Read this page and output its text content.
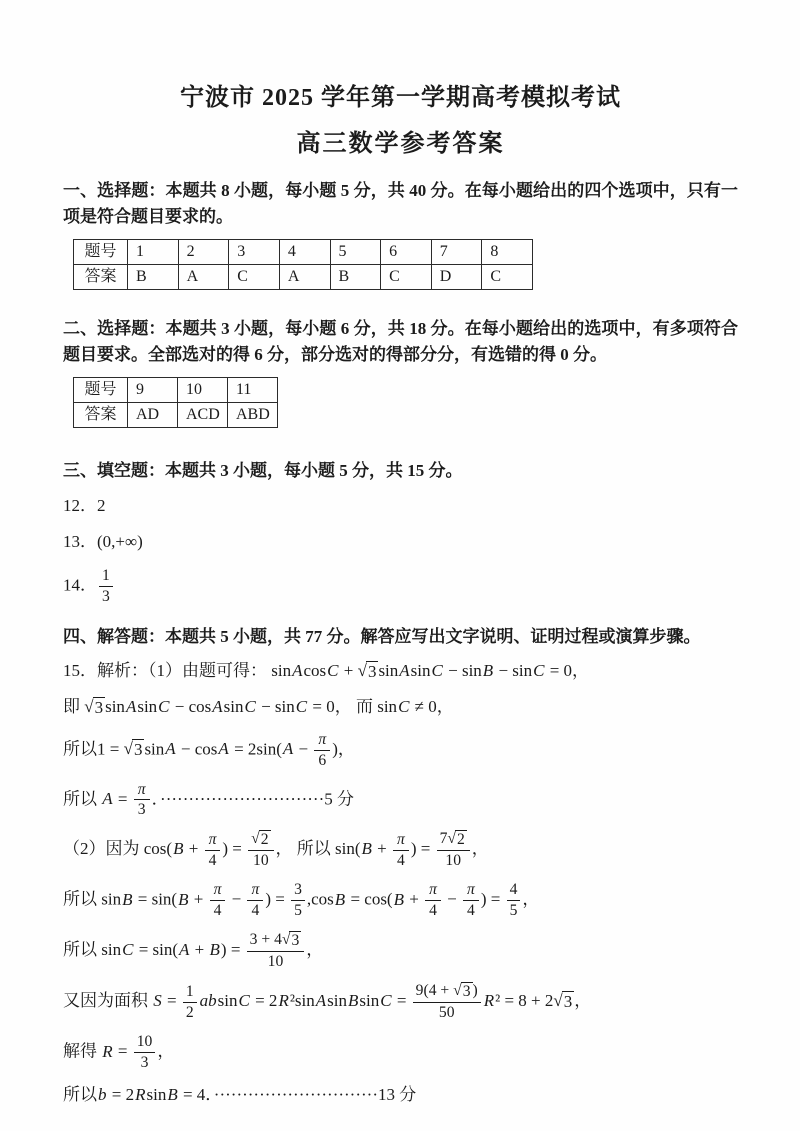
宁波市 2025 学年第一学期高考模拟考试
高三数学参考答案

一、选择题：本题共 8 小题，每小题 5 分，共 40 分。在每小题给出的四个选项中，只有一项是符合题目要求的。

题号	1	2	3	4	5	6	7	8
答案	B	A	C	A	B	C	D	C

二、选择题：本题共 3 小题，每小题 6 分，共 18 分。在每小题给出的选项中，有多项符合题目要求。全部选对的得 6 分，部分选对的得部分分，有选错的得 0 分。

题号	9	10	11
答案	AD	ACD	ABD

三、填空题：本题共 3 小题，每小题 5 分，共 15 分。

12．2
13．(0,+∞)
14． $\frac{1}{3}$

四、解答题：本题共 5 小题，共 77 分。解答应写出文字说明、证明过程或演算步骤。

15．解析：（1）由题可得： sinAcosC + √ 3 sinAsinC − sinB − sinC = 0，
即 √ 3 sinAsinC − cosAsinC − sinC = 0， 而 sinC ≠ 0，
所以1 = √ 3 $\sin A - \cos A = 2\sin(A - \frac{\pi}{6}$ )，
所以 $A = \frac{\pi}{3}$ ．·····························5 分
（2）因为 $\cos(B + \frac{\pi}{4}$ ) = $\frac{√ 2}{10}$ ， 所以 $\sin(B + \frac{\pi}{4}$ ) = $\frac{7 √ 2}{10}$ ，
所以 $\sin B = \sin(B + \frac{\pi}{4} - \frac{\pi}{4}$ ) = $\frac{3}{5} ,\cos B = \cos(B + \frac{\pi}{4} - \frac{\pi}{4}$ ) = $\frac{4}{5}$ ，
所以 $\sin C = \sin(A + B) = \frac{3 + 4 √ 3}{10}$ ，
又因为面积 $S = \frac{1}{2}$ absinC = 2R²sinAsinBsinC = $\frac{9(4 + √ 3 )}{50} R^2 = 8 + 2$ √ 3 ，
解得 $R = \frac{10}{3}$ ，
所以b = 2RsinB = 4．·····························13 分
